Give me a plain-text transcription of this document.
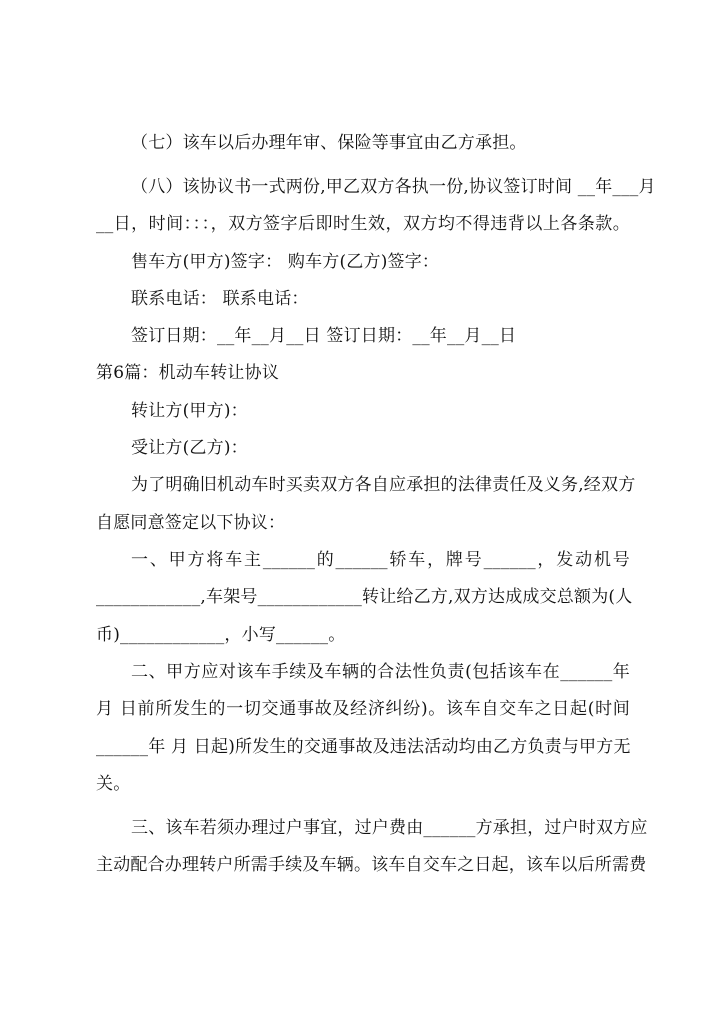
（七）该车以后办理年审、保险等事宜由乙方承担。
（八）该协议书一式两份,甲乙双方各执一份,协议签订时间 __年___月
__日，时间：：：，双方签字后即时生效，双方均不得违背以上各条款。
售车方(甲方)签字： 购车方(乙方)签字：
联系电话： 联系电话：
签订日期：__年__月__日 签订日期：__年__月__日
第6篇：机动车转让协议
转让方(甲方)：
受让方(乙方)：
为了明确旧机动车时买卖双方各自应承担的法律责任及义务,经双方
自愿同意签定以下协议：
一、甲方将车主______的______轿车，牌号______，发动机号
____________,车架号____________转让给乙方,双方达成成交总额为(人
币)____________，小写______。
二、甲方应对该车手续及车辆的合法性负责(包括该车在______年
月 日前所发生的一切交通事故及经济纠纷)。该车自交车之日起(时间
______年 月 日起)所发生的交通事故及违法活动均由乙方负责与甲方无
关。
三、该车若须办理过户事宜，过户费由______方承担，过户时双方应
主动配合办理转户所需手续及车辆。该车自交车之日起，该车以后所需费
